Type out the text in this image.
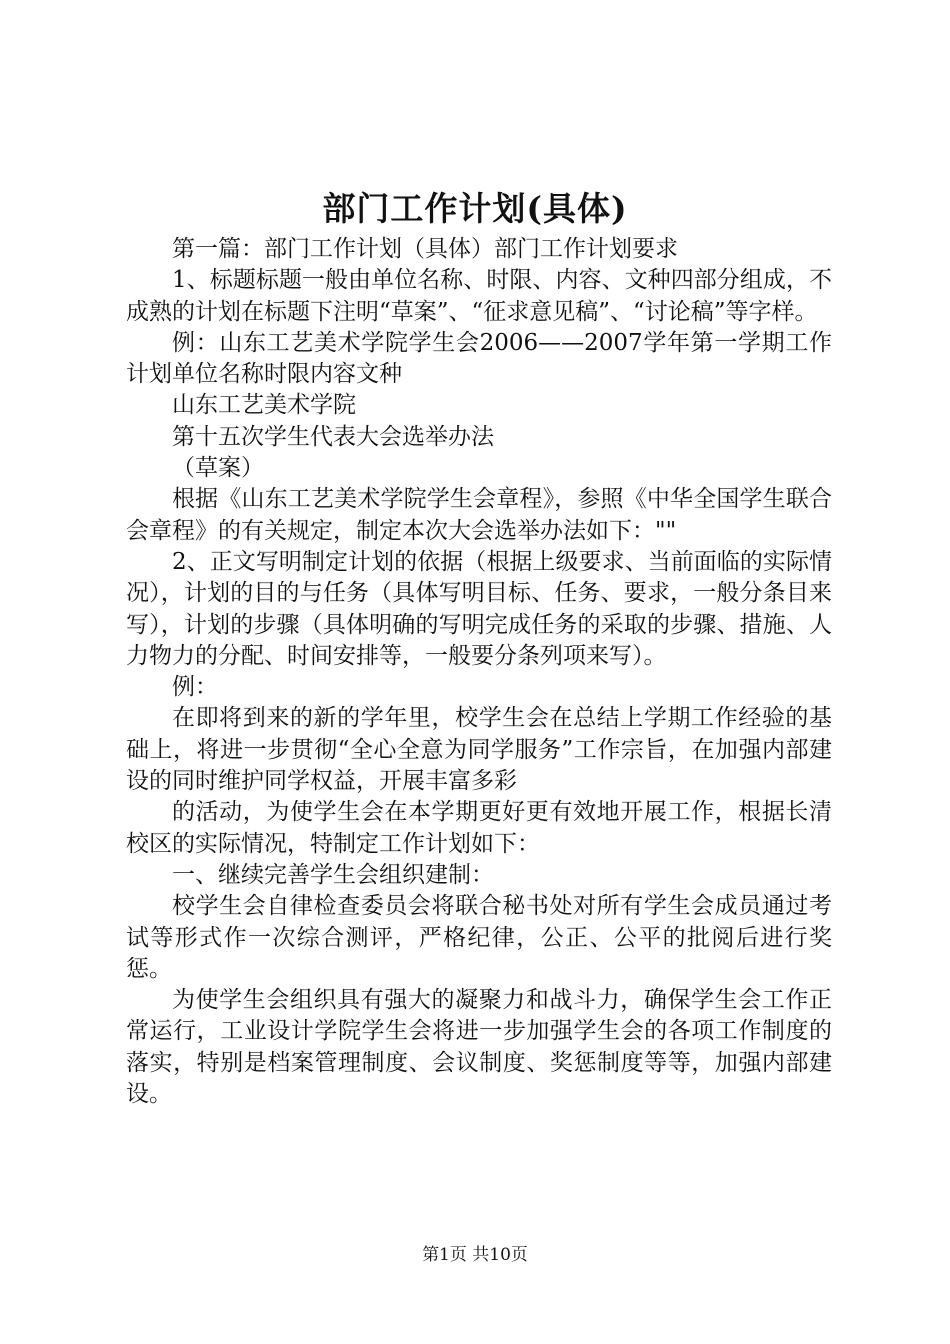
部门工作计划(具体)

第一篇：部门工作计划（具体）部门工作计划要求

1、标题标题一般由单位名称、时限、内容、文种四部分组成，不成熟的计划在标题下注明“草案”、“征求意见稿”、“讨论稿”等字样。

例：山东工艺美术学院学生会2006——2007学年第一学期工作计划单位名称时限内容文种

山东工艺美术学院

第十五次学生代表大会选举办法

（草案）

根据《山东工艺美术学院学生会章程》，参照《中华全国学生联合会章程》的有关规定，制定本次大会选举办法如下：""

2、正文写明制定计划的依据（根据上级要求、当前面临的实际情况），计划的目的与任务（具体写明目标、任务、要求，一般分条目来写），计划的步骤（具体明确的写明完成任务的采取的步骤、措施、人力物力的分配、时间安排等，一般要分条列项来写）。

例：

在即将到来的新的学年里，校学生会在总结上学期工作经验的基础上，将进一步贯彻“全心全意为同学服务”工作宗旨，在加强内部建设的同时维护同学权益，开展丰富多彩

的活动，为使学生会在本学期更好更有效地开展工作，根据长清校区的实际情况，特制定工作计划如下：

一、继续完善学生会组织建制：

校学生会自律检查委员会将联合秘书处对所有学生会成员通过考试等形式作一次综合测评，严格纪律，公正、公平的批阅后进行奖惩。

为使学生会组织具有强大的凝聚力和战斗力，确保学生会工作正常运行，工业设计学院学生会将进一步加强学生会的各项工作制度的落实，特别是档案管理制度、会议制度、奖惩制度等等，加强内部建设。

第1页 共10页
